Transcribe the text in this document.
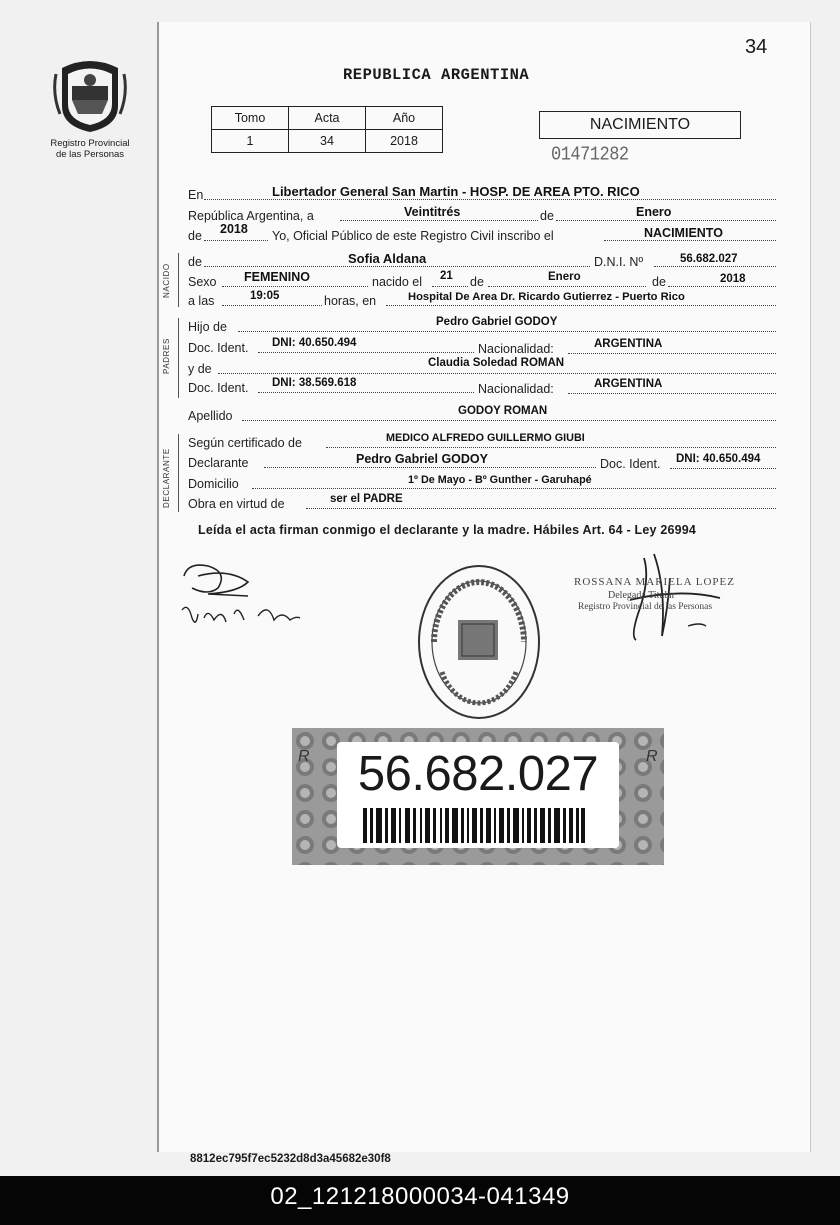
34
Registro Provincial
de las Personas
REPUBLICA ARGENTINA
Tomo	Acta	Año
1	34	2018
NACIMIENTO
01471282
En	Libertador General San Martin - HOSP. DE AREA PTO. RICO
República Argentina, a	Veintitrés	de	Enero
de 2018 Yo, Oficial Público de este Registro Civil inscribo el	NACIMIENTO
NACIDO
de	Sofia Aldana	D.N.I. Nº	56.682.027
Sexo FEMENINO	nacido el 21 de	Enero	de	2018
a las	19:05	horas, en	Hospital De Area Dr. Ricardo Gutierrez - Puerto Rico
PADRES
Hijo de	Pedro Gabriel GODOY
Doc. Ident. DNI: 40.650.494	Nacionalidad:	ARGENTINA
y de	Claudia Soledad ROMAN
Doc. Ident. DNI: 38.569.618	Nacionalidad:	ARGENTINA
Apellido	GODOY ROMAN
DECLARANTE
Según certificado de	MEDICO ALFREDO GUILLERMO GIUBI
Declarante	Pedro Gabriel GODOY	Doc. Ident. DNI: 40.650.494
Domicilio	1º De Mayo - Bº Gunther - Garuhapé
Obra en virtud de	ser el PADRE
Leída el acta firman conmigo el declarante y la madre. Hábiles Art. 64 - Ley 26994
ROSSANA MARIELA LOPEZ
Delegada Titular
Registro Provincial de las Personas
R	R
56.682.027
8812ec795f7ec5232d8d3a45682e30f8
02_121218000034-041349
